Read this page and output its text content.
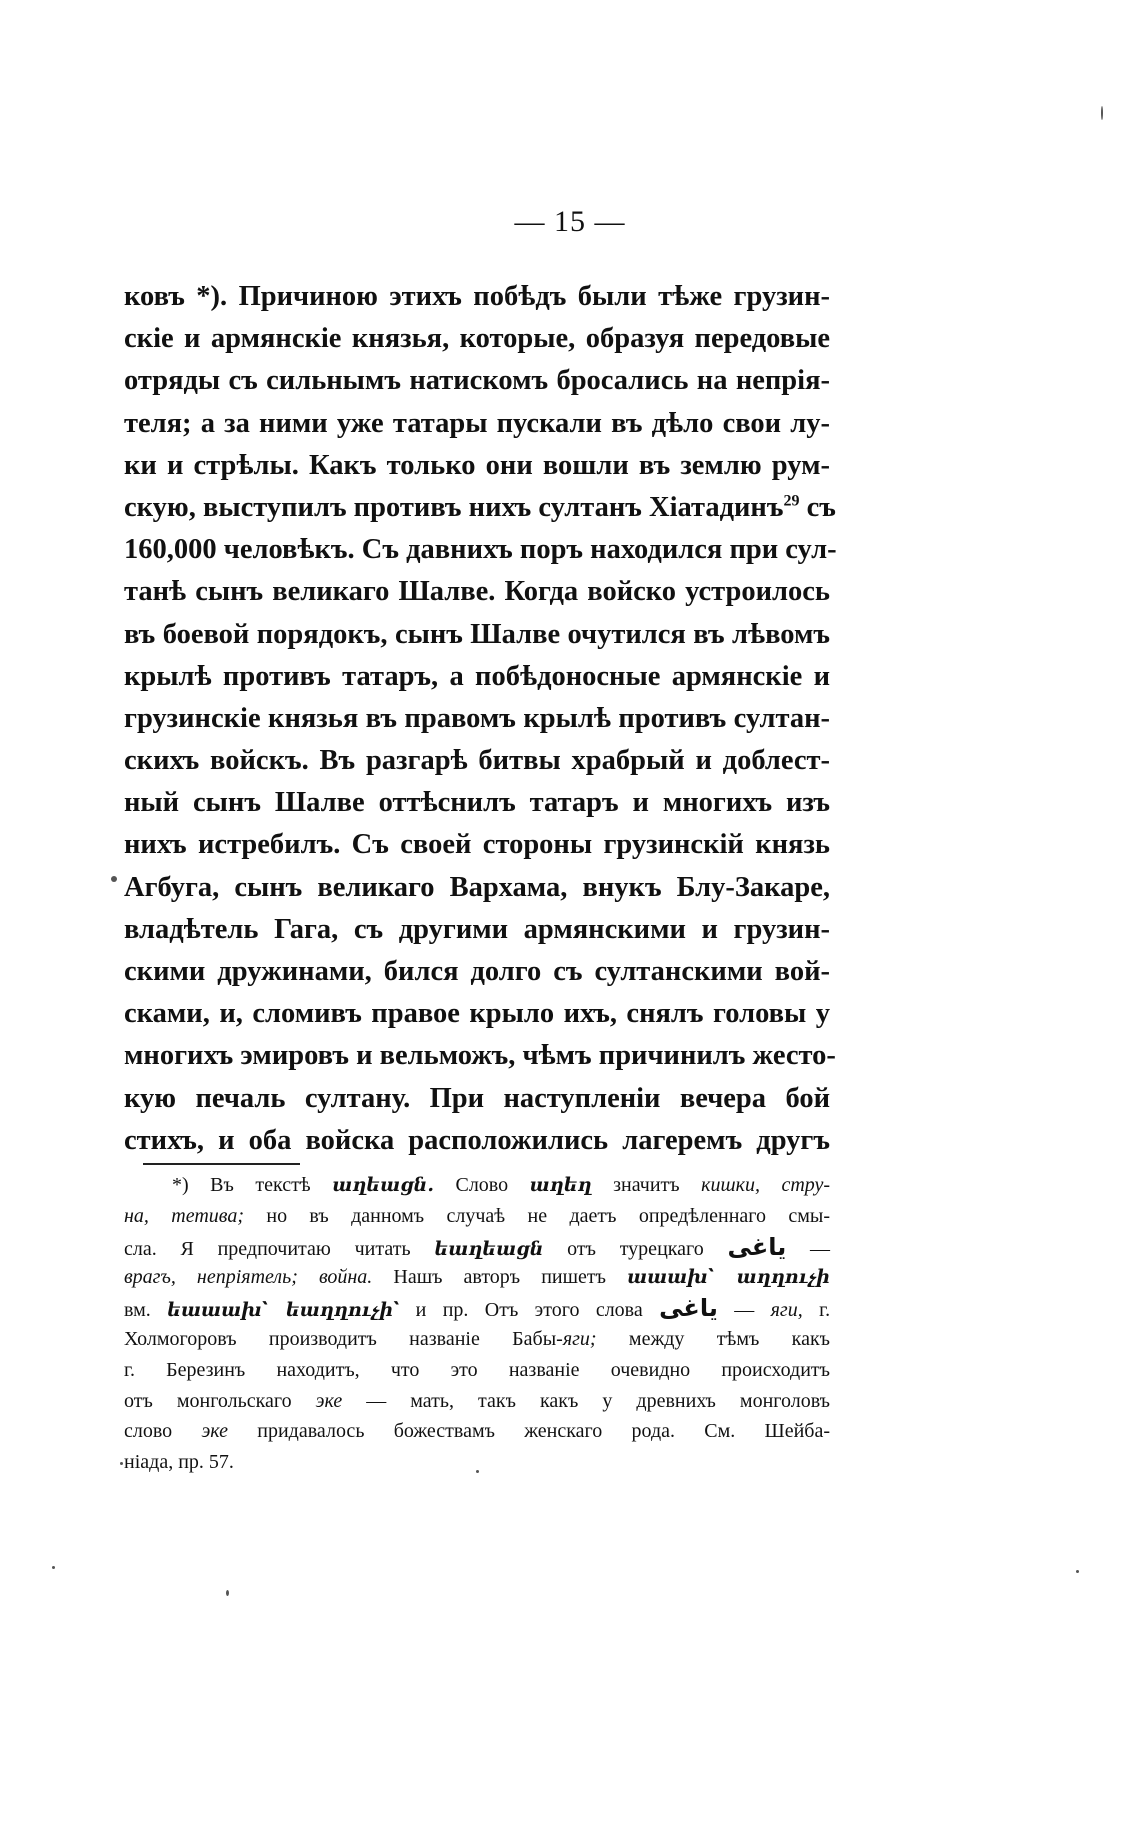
— 15 —
ковъ *). Причиною этихъ побѣдъ были тѣже грузин-
скіе и армянскіе князья, которые, образуя передовые
отряды съ сильнымъ натискомъ бросались на непрія-
теля; а за ними уже татары пускали въ дѣло свои лу-
ки и стрѣлы. Какъ только они вошли въ землю рум-
скую, выступилъ противъ нихъ султанъ Хіатадинъ$^{29}$ съ
160,000 человѣкъ. Съ давнихъ поръ находился при сул-
танѣ сынъ великаго Шалве. Когда войско устроилось
въ боевой порядокъ, сынъ Шалве очутился въ лѣвомъ
крылѣ противъ татаръ, а побѣдоносные армянскіе и
грузинскіе князья въ правомъ крылѣ противъ султан-
скихъ войскъ. Въ разгарѣ битвы храбрый и доблест-
ный сынъ Шалве оттѣснилъ татаръ и многихъ изъ
нихъ истребилъ. Съ своей стороны грузинскій князь
Агбуга, сынъ великаго Вархама, внукъ Блу-Закаре,
владѣтель Гага, съ другими армянскими и грузин-
скими дружинами, бился долго съ султанскими вой-
сками, и, сломивъ правое крыло ихъ, снялъ головы у
многихъ эмировъ и вельможъ, чѣмъ причинилъ жесто-
кую печаль султану. При наступленіи вечера бой
стихъ, и оба войска расположились лагеремъ другъ
*) Въ текстѣ աղեացն. Слово աղեղ значитъ кишки, стру-
на, тетива; но въ данномъ случаѣ не даетъ опредѣленнаго смы-
сла. Я предпочитаю читать եաղեացն отъ турецкаго ياغى —
врагъ, непріятель; война. Нашъ авторъ пишетъ աաախ՝ աղղուչի
вм. եաաախ՝ եաղղուչի՝ и пр. Отъ этого слова ياغى — яги, г.
Холмогоровъ производитъ названіе Бабы-яги; между тѣмъ какъ
г. Березинъ находитъ, что это названіе очевидно происходитъ
отъ монгольскаго эке — мать, такъ какъ у древнихъ монголовъ
слово эке придавалось божествамъ женскаго рода. См. Шейба-
ніада, пр. 57.
